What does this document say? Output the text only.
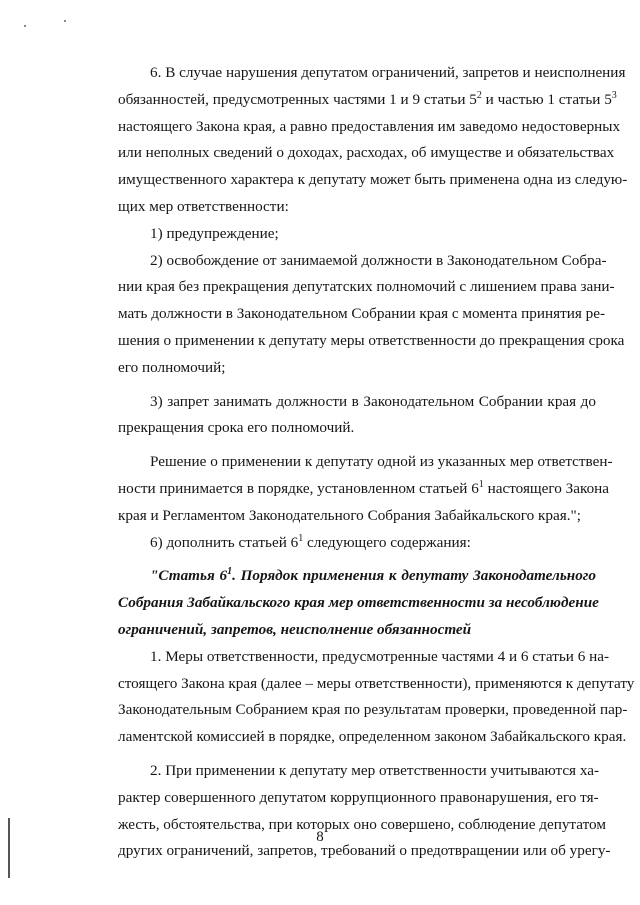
6. В случае нарушения депутатом ограничений, запретов и неисполнения
обязанностей, предусмотренных частями 1 и 9 статьи $5^2$ и частью 1 статьи $5^3$
настоящего Закона края, а равно предоставления им заведомо недостоверных
или неполных сведений о доходах, расходах, об имуществе и обязательствах
имущественного характера к депутату может быть применена одна из следую-
щих мер ответственности:

1) предупреждение;

2) освобождение от занимаемой должности в Законодательном Собра-
нии края без прекращения депутатских полномочий с лишением права зани-
мать должности в Законодательном Собрании края с момента принятия ре-
шения о применении к депутату меры ответственности до прекращения срока
его полномочий;

3) запрет занимать должности в Законодательном Собрании края до
прекращения срока его полномочий.

Решение о применении к депутату одной из указанных мер ответствен-
ности принимается в порядке, установленном статьей $6^1$ настоящего Закона
края и Регламентом Законодательного Собрания Забайкальского края.";

6) дополнить статьей $6^1$ следующего содержания:

"Статья $6^1$. Порядок применения к депутату Законодательного
Собрания Забайкальского края мер ответственности за несоблюдение
ограничений, запретов, неисполнение обязанностей

1. Меры ответственности, предусмотренные частями 4 и 6 статьи 6 на-
стоящего Закона края (далее – меры ответственности), применяются к депутату
Законодательным Собранием края по результатам проверки, проведенной пар-
ламентской комиссией в порядке, определенном законом Забайкальского края.

2. При применении к депутату мер ответственности учитываются ха-
рактер совершенного депутатом коррупционного правонарушения, его тя-
жесть, обстоятельства, при которых оно совершено, соблюдение депутатом
других ограничений, запретов, требований о предотвращении или об урегу-

8
